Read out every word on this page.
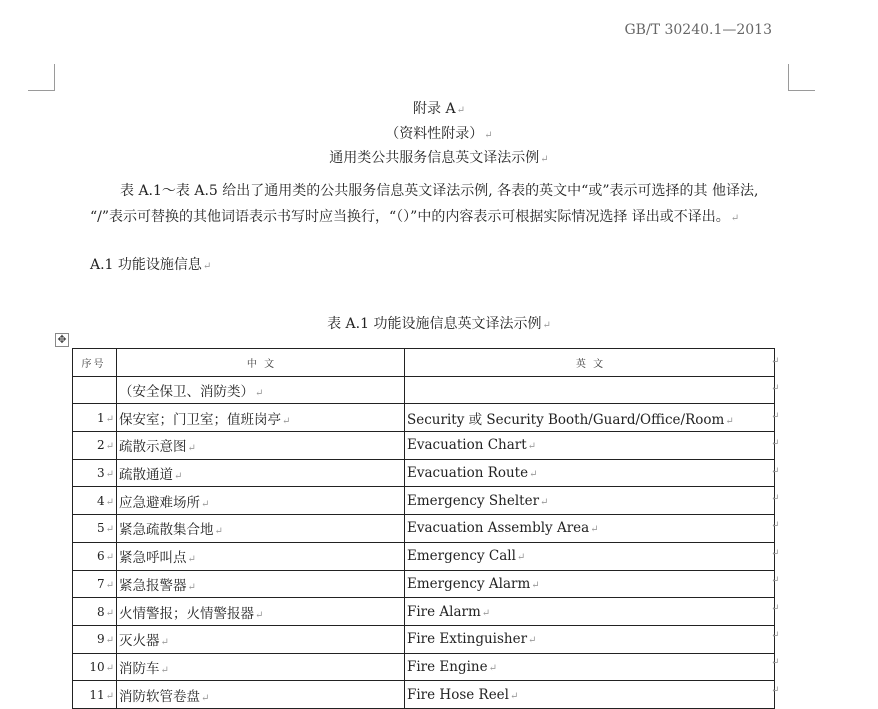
GB/T 30240.1—2013
附录 A↵
（资料性附录）↵
通用类公共服务信息英文译法示例↵
表 A.1～表 A.5 给出了通用类的公共服务信息英文译法示例, 各表的英文中“或”表示可选择的其 他译法,
“/”表示可替换的其他词语表示书写时应当换行，“（）”中的内容表示可根据实际情况选择 译出或不译出。↵
A.1 功能设施信息↵
表 A.1 功能设施信息英文译法示例↵
✥
序号	中 文	英 文
	（安全保卫、消防类）↵	
1↵	保安室；门卫室；值班岗亭↵	Security 或 Security Booth/Guard/Office/Room↵
2↵	疏散示意图↵	Evacuation Chart↵
3↵	疏散通道↵	Evacuation Route↵
4↵	应急避难场所↵	Emergency Shelter↵
5↵	紧急疏散集合地↵	Evacuation Assembly Area↵
6↵	紧急呼叫点↵	Emergency Call↵
7↵	紧急报警器↵	Emergency Alarm↵
8↵	火情警报；火情警报器↵	Fire Alarm↵
9↵	灭火器↵	Fire Extinguisher↵
10↵	消防车↵	Fire Engine↵
11↵	消防软管卷盘↵	Fire Hose Reel↵
↵
↵
↵
↵
↵
↵
↵
↵
↵
↵
↵
↵
↵
